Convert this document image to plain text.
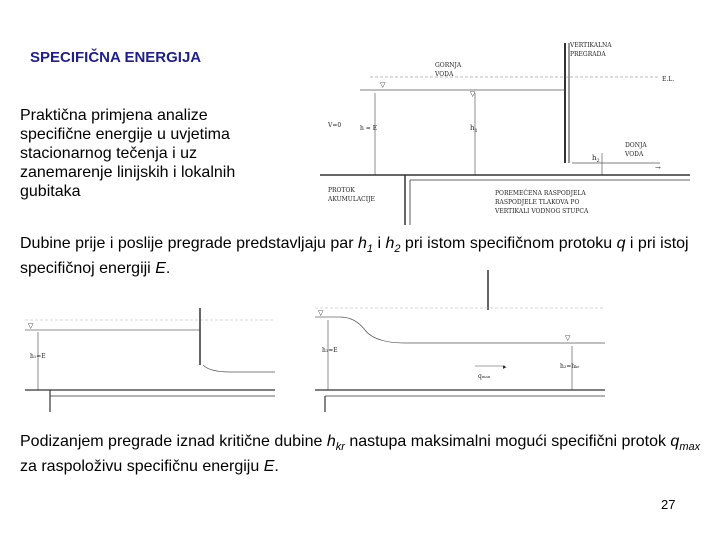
SPECIFIČNA ENERGIJA
Praktična primjena analize specifične energije u uvjetima stacionarnog tečenja i uz zanemarenje linijskih i lokalnih gubitaka
▽
▽
VERTIKALNA
PREGRADA
GORNJA
VODA
E.L.
V=0	h = E	$h_1$
$h_2$
DONJA
VODA
→
PROTOK
AKUMULACIJE
POREMEĆENA RASPODJELA
RASPODJELE TLAKOVA PO
VERTIKALI VODNOG STUPCA
Dubine prije i poslije pregrade predstavljaju par $h_1$ i $h_2$ pri istom specifičnom protoku q i pri istoj specifičnoj energiji E.
▽
h₁=E
▽
▽
h₁=E
▸
qₘₐₓ
h₂=hₖᵣ
Podizanjem pregrade iznad kritične dubine $h_{kr}$ nastupa maksimalni mogući specifični protok $q_{max}$ za raspoloživu specifičnu energiju E.
27
